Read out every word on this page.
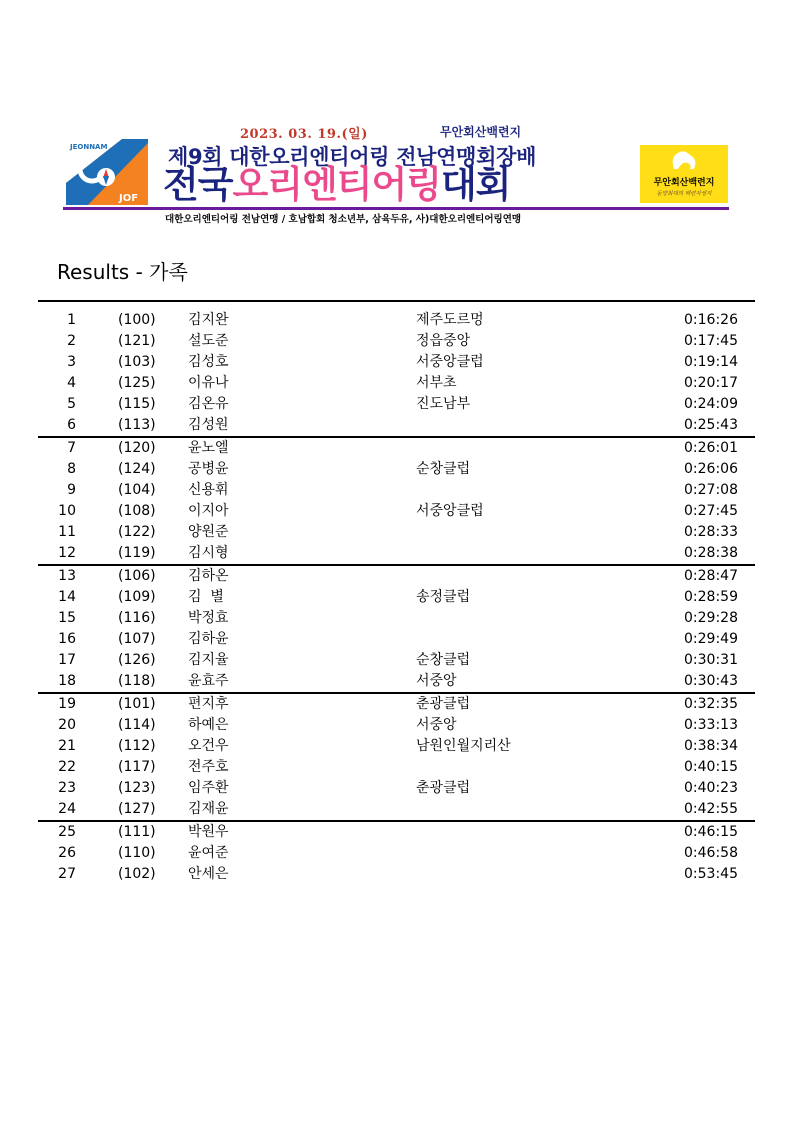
JEONNAM
JOF
2023. 03. 19.(일)	무안회산백련지
제9회 대한오리엔티어링 전남연맹회장배
전국오리엔티어링대회
대한오리엔티어링 전남연맹 / 호남합회 청소년부, 삼육두유, 사)대한오리엔티어링연맹
무안회산백련지
동양최대의 백련자생지
Results - 가족
1	(100) 김지완	제주도르멍	0:16:26
2	(121) 설도준	정읍중앙	0:17:45
3	(103) 김성호	서중앙클럽	0:19:14
4	(125) 이유나	서부초	0:20:17
5	(115) 김온유	진도남부	0:24:09
6	(113) 김성원	0:25:43
7	(120) 윤노엘	0:26:01
8	(124) 공병윤	순창클럽	0:26:06
9	(104) 신용휘	0:27:08
10	(108) 이지아	서중앙클럽	0:27:45
11	(122) 양원준	0:28:33
12	(119) 김시형	0:28:38
13	(106) 김하온	0:28:47
14	(109) 김  별	송정클럽	0:28:59
15	(116) 박정효	0:29:28
16	(107) 김하윤	0:29:49
17	(126) 김지율	순창클럽	0:30:31
18	(118) 윤효주	서중앙	0:30:43
19	(101) 편지후	춘광클럽	0:32:35
20	(114) 하예은	서중앙	0:33:13
21	(112) 오건우	남원인월지리산	0:38:34
22	(117) 전주호	0:40:15
23	(123) 임주환	춘광클럽	0:40:23
24	(127) 김재윤	0:42:55
25	(111) 박원우	0:46:15
26	(110) 윤여준	0:46:58
27	(102) 안세은	0:53:45
